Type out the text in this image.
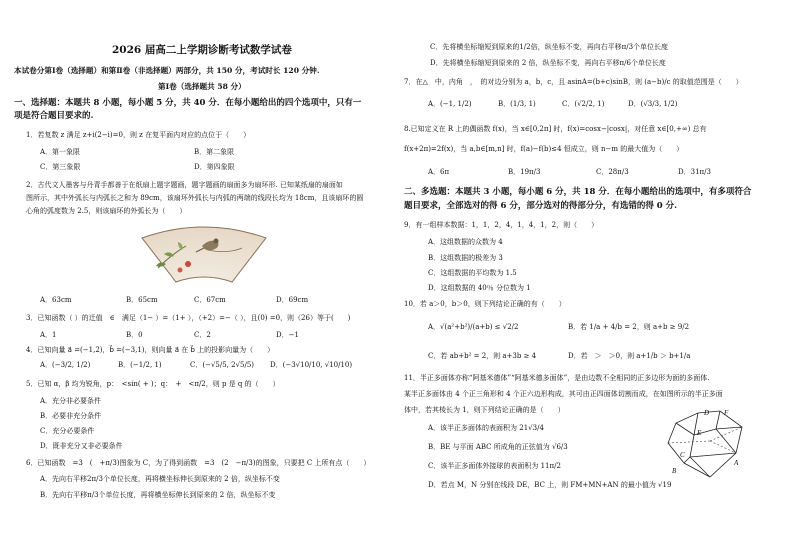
2026 届高二上学期诊断考试数学试卷
本试卷分第Ⅰ卷（选择题）和第Ⅱ卷（非选择题）两部分，共 150 分，考试时长 120 分钟.
第Ⅰ卷（选择题共 58 分）
一、选择题：本题共 8 小题，每小题 5 分，共 40 分．在每小题给出的四个选项中，只有一
项是符合题目要求的.
1．若复数 z 满足 z+i(2−i)=0，则 z 在复平面内对应的点位于（　　）
A．第一象限	B．第二象限
C．第三象限	D．第四象限
2．古代文人墨客与丹青手都善于在纸扇上题字题画，题字题画的扇面多为扇环形. 已知某纸扇的扇面如
图所示，其中外弧长与内弧长之和为 89cm，该扇环外弧长与内弧的两端的线段长均为 18cm，且该扇环的圆
心角的弧度数为 2.5，则该扇环的外弧长为（　　）
A．63cm	B．65cm	C．67cm	D．69cm
3．已知函数（ ）的迁值　∈　满足（1− ）=（1+ ），（+2）=−（ ），且(0) =0，则（26）等于(　　)
A．1	B．0	C．2	D．−1
4．已知向量 a⃗ =(−1,2)，b⃗ =(−3,1)，则向量 a⃗ 在 b⃗ 上的投影向量为（　　）
A．(−3/2, 1/2)	B．(−1/2, 1)	C．(−√5/5, 2√5/5) D．(−3√10/10, √10/10)
5．已知 α，β 均为锐角，p：　<sin( + )；q：　+　<π/2，则 p 是 q 的（　　）
A．充分非必要条件
B．必要非充分条件
C．充分必要条件
D．既非充分又非必要条件
6．已知函数　=3　(　+π/3)图象为 C，为了得到函数　=3　(2　−π/3)的图象，只要把 C 上所有点（　　）
A．先向右平移2π/3个单位长度，再将横坐标伸长到原来的 2 倍，纵坐标不变
B．先向右平移π/3个单位长度，再将横坐标伸长到原来的 2 倍，纵坐标不变
C．先将横坐标缩短到原来的1/2倍，纵坐标不变，再向右平移π/3个单位长度
D．先将横坐标缩短到原来的 2 倍，纵坐标不变，再向右平移π/6个单位长度
7．在△　中，内角　，　的对边分别为 a，b，c，且 asinA=(b+c)sinB，则 (a−b)/c 的取值范围是（　　）
A．(−1, 1/2)	B．(1/3, 1)	C．(√2/2, 1)	D．(√3/3, 1/2)
8.已知定义在 R 上的偶函数 f(x)，当 x∈[0,2π] 时，f(x)=cosx−|cosx|，对任意 x∈[0,+∞) 总有
f(x+2π)=2f(x)，当 a,b∈[m,n] 时，f(a)−f(b)≤4 恒成立，则 n−m 的最大值为（　　）
A．6π	B．19π/3	C．28π/3	D．31π/3
二、多选题：本题共 3 小题，每小题 6 分，共 18 分．在每小题给出的选项中，有多项符合
题目要求，全部选对的得 6 分，部分选对的得部分分，有选错的得 0 分.
9．有一组样本数据：1，1，2，4，1，4，1，2，则（　　）
A．这组数据的众数为 4
B．这组数据的极差为 3
C．这组数据的平均数为 1.5
D．这组数据的 40％ 分位数为 1
10．若 a＞0，b＞0，则下列结论正确的有（　　）
A．√(a²+b²)/(a+b) ≤ √2/2	B．若 1/a + 4/b = 2，则 a+b ≥ 9/2
C．若 ab+b² = 2，则 a+3b ≥ 4	D．若　＞　＞0，则 a+1/b ＞ b+1/a
11．半正多面体亦称“阿基米德体”“阿基米德多面体”，是由边数不全相同的正多边形为面的多面体.
某半正多面体由 4 个正三角形和 4 个正六边形构成，其可由正四面体切割而成，在如图所示的半正多面
体中，若其棱长为 1，则下列结论正确的是（　　）
A．该半正多面体的表面积为 21√3/4
B．BE 与平面 ABC 所成角的正弦值为 √6/3
C．该半正多面体外接球的表面积为 11π/2
D．若点 M，N 分别在线段 DE，BC 上，则 FM+MN+AN 的最小值为 √19
D
E
F
A
B
C
